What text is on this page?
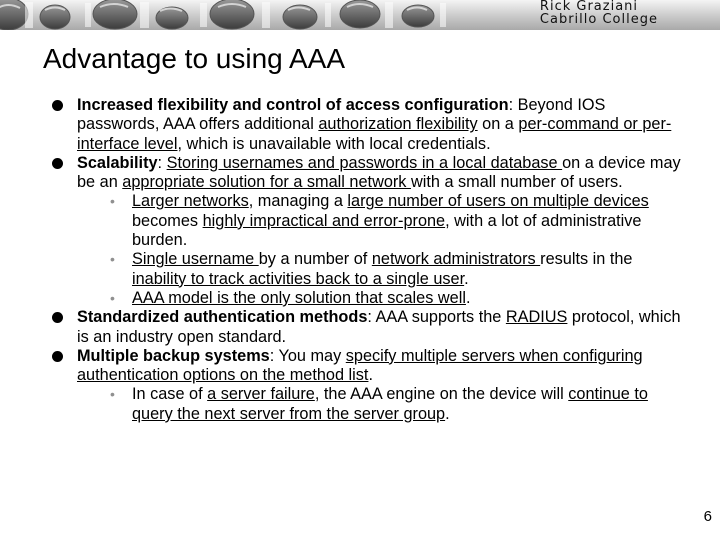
Rick Graziani
Cabrillo College
Advantage to using AAA
Increased flexibility and control of access configuration: Beyond IOS passwords, AAA offers additional authorization flexibility on a per-command or per-interface level, which is unavailable with local credentials.
Scalability: Storing usernames and passwords in a local database on a device may be an appropriate solution for a small network with a small number of users.
• Larger networks, managing a large number of users on multiple devices becomes highly impractical and error-prone, with a lot of administrative burden.
• Single username by a number of network administrators results in the inability to track activities back to a single user.
• AAA model is the only solution that scales well.
Standardized authentication methods: AAA supports the RADIUS protocol, which is an industry open standard.
Multiple backup systems: You may specify multiple servers when configuring authentication options on the method list.
• In case of a server failure, the AAA engine on the device will continue to query the next server from the server group.
6
